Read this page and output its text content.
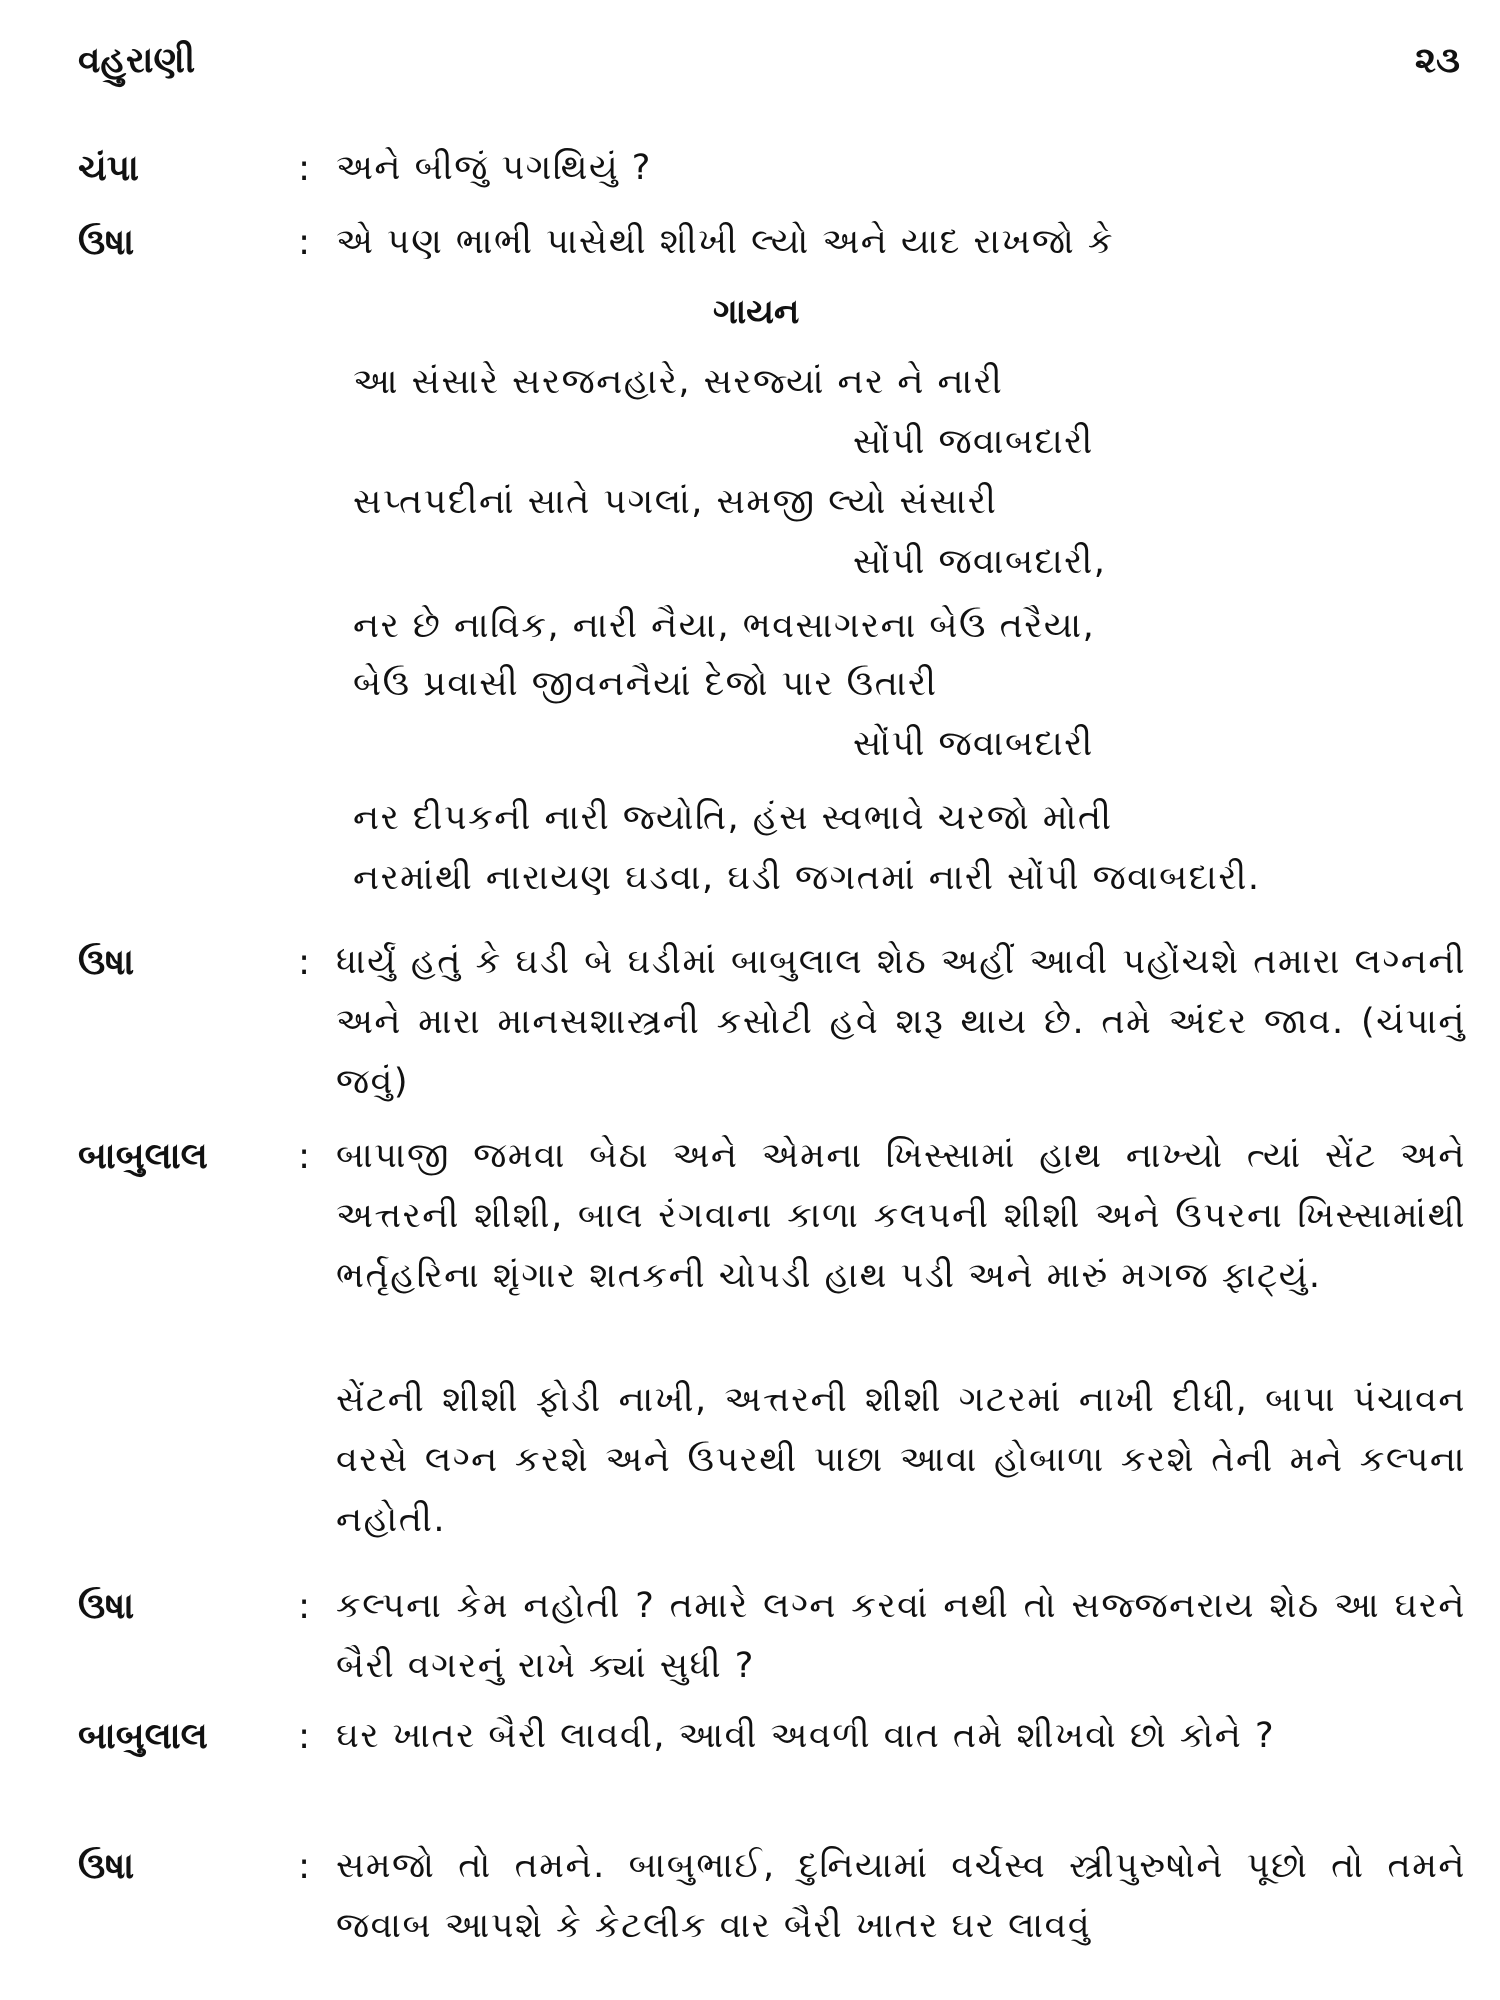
વહુરાણી	૨૩
ચંપા	: અને બીજું પગથિયું ?

ઉષા	: એ પણ ભાભી પાસેથી શીખી લ્યો અને યાદ રાખજો કે

ગાયન
આ સંસારે સરજનહારે, સરજ્યાં નર ને નારી
સોંપી જવાબદારી
સપ્તપદીનાં સાતે પગલાં, સમજી લ્યો સંસારી
સોંપી જવાબદારી,
નર છે નાવિક, નારી નૈયા, ભવસાગરના બેઉ તરૈયા,
બેઉ પ્રવાસી જીવનનૈયાં દેજો પાર ઉતારી
સોંપી જવાબદારી
નર દીપકની નારી જ્યોતિ, હંસ સ્વભાવે ચરજો મોતી
નરમાંથી નારાયણ ઘડવા, ઘડી જગતમાં નારી સોંપી જવાબદારી.
ઉષા	: ધાર્યું હતું કે ઘડી બે ઘડીમાં બાબુલાલ શેઠ અહીં આવી પહોંચશે તમારા લગ્નની અને મારા માનસશાસ્ત્રની કસોટી હવે શરૂ થાય છે. તમે અંદર જાવ. (ચંપાનું જવું)

બાબુલાલ	: બાપાજી જમવા બેઠા અને એમના ખિસ્સામાં હાથ નાખ્યો ત્યાં સેંટ અને અત્તરની શીશી, બાલ રંગવાના કાળા કલપની શીશી અને ઉપરના ખિસ્સામાંથી ભર્તૃહરિના શૃંગાર શતકની ચોપડી હાથ પડી અને મારું મગજ ફાટ્યું.

સેંટની શીશી ફોડી નાખી, અત્તરની શીશી ગટરમાં નાખી દીધી, બાપા પંચાવન વરસે લગ્ન કરશે અને ઉપરથી પાછા આવા હોબાળા કરશે તેની મને કલ્પના નહોતી.

ઉષા	: કલ્પના કેમ નહોતી ? તમારે લગ્ન કરવાં નથી તો સજ્જનરાય શેઠ આ ઘરને બૈરી વગરનું રાખે ક્યાં સુધી ?

બાબુલાલ	: ઘર ખાતર બૈરી લાવવી, આવી અવળી વાત તમે શીખવો છો કોને ?

ઉષા	: સમજો તો તમને. બાબુભાઈ, દુનિયામાં વર્ચસ્વ સ્ત્રીપુરુષોને પૂછો તો તમને જવાબ આપશે કે કેટલીક વાર બૈરી ખાતર ઘર લાવવું
